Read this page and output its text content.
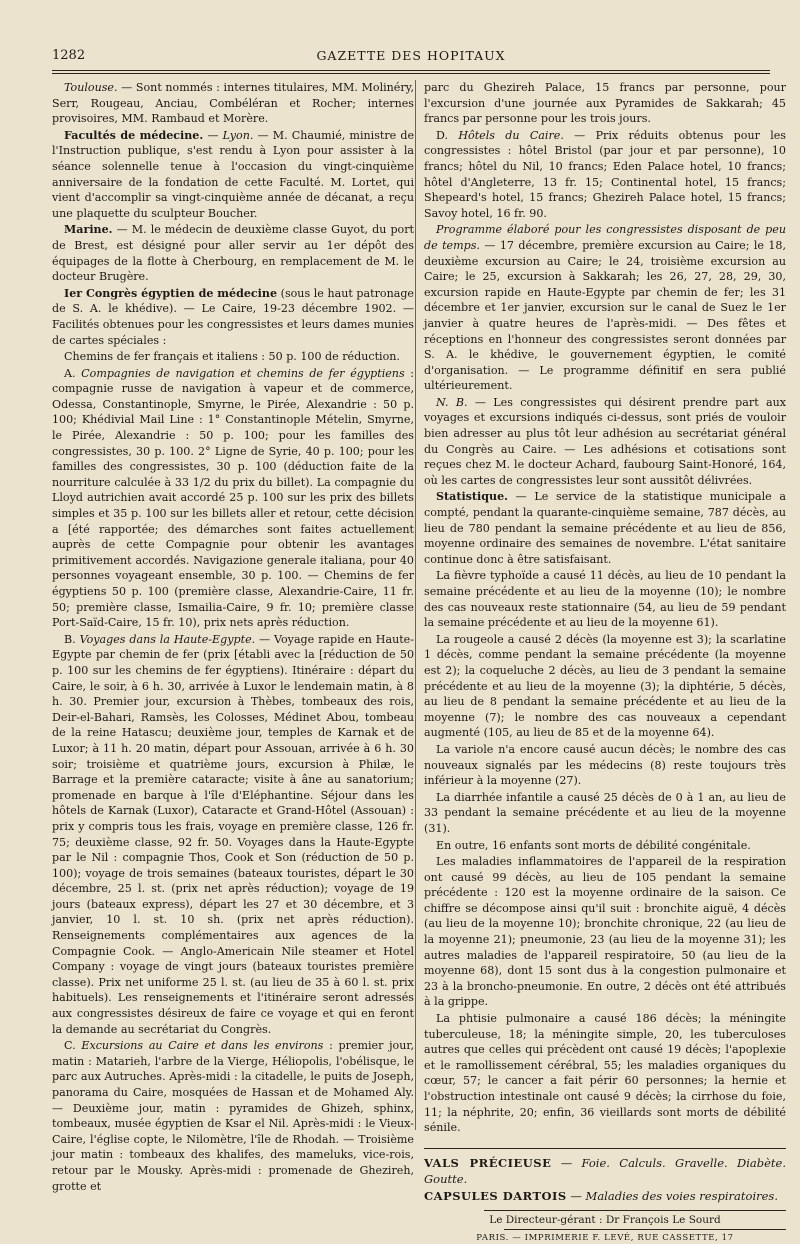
1282	GAZETTE DES HOPITAUX

Toulouse. — Sont nommés : internes titulaires, MM. Molinéry, Serr, Rougeau, Anciau, Combéléran et Rocher; internes provisoires, MM. Rambaud et Morère.

Facultés de médecine. — Lyon. — M. Chaumié, ministre de l'Instruction publique, s'est rendu à Lyon pour assister à la séance solennelle tenue à l'occasion du vingt-cinquième anniversaire de la fondation de cette Faculté. M. Lortet, qui vient d'accomplir sa vingt-cinquième année de décanat, a reçu une plaquette du sculpteur Boucher.

Marine. — M. le médecin de deuxième classe Guyot, du port de Brest, est désigné pour aller servir au 1er dépôt des équipages de la flotte à Cherbourg, en remplacement de M. le docteur Brugère.

Ier Congrès égyptien de médecine (sous le haut patronage de S. A. le khédive). — Le Caire, 19-23 décembre 1902. — Facilités obtenues pour les congressistes et leurs dames munies de cartes spéciales :

Chemins de fer français et italiens : 50 p. 100 de réduction.

A. Compagnies de navigation et chemins de fer égyptiens : compagnie russe de navigation à vapeur et de commerce, Odessa, Constantinople, Smyrne, le Pirée, Alexandrie : 50 p. 100; Khédivial Mail Line : 1° Constantinople Mételin, Smyrne, le Pirée, Alexandrie : 50 p. 100; pour les familles des congressistes, 30 p. 100. 2° Ligne de Syrie, 40 p. 100; pour les familles des congressistes, 30 p. 100 (déduction faite de la nourriture calculée à 33 1/2 du prix du billet). La compagnie du Lloyd autrichien avait accordé 25 p. 100 sur les prix des billets simples et 35 p. 100 sur les billets aller et retour, cette décision a [été rapportée; des démarches sont faites actuellement auprès de cette Compagnie pour obtenir les avantages primitivement accordés. Navigazione generale italiana, pour 40 personnes voyageant ensemble, 30 p. 100. — Chemins de fer égyptiens 50 p. 100 (première classe, Alexandrie-Caire, 11 fr. 50; première classe, Ismailia-Caire, 9 fr. 10; première classe Port-Saïd-Caire, 15 fr. 10), prix nets après réduction.

B. Voyages dans la Haute-Egypte. — Voyage rapide en Haute-Egypte par chemin de fer (prix [établi avec la [réduction de 50 p. 100 sur les chemins de fer égyptiens). Itinéraire : départ du Caire, le soir, à 6 h. 30, arrivée à Luxor le lendemain matin, à 8 h. 30. Premier jour, excursion à Thèbes, tombeaux des rois, Deir-el-Bahari, Ramsès, les Colosses, Médinet Abou, tombeau de la reine Hatascu; deuxième jour, temples de Karnak et de Luxor; à 11 h. 20 matin, départ pour Assouan, arrivée à 6 h. 30 soir; troisième et quatrième jours, excursion à Philæ, le Barrage et la première cataracte; visite à âne au sanatorium; promenade en barque à l'île d'Eléphantine. Séjour dans les hôtels de Karnak (Luxor), Cataracte et Grand-Hôtel (Assouan) : prix y compris tous les frais, voyage en première classe, 126 fr. 75; deuxième classe, 92 fr. 50. Voyages dans la Haute-Egypte par le Nil : compagnie Thos, Cook et Son (réduction de 50 p. 100); voyage de trois semaines (bateaux touristes, départ le 30 décembre, 25 l. st. (prix net après réduction); voyage de 19 jours (bateaux express), départ les 27 et 30 décembre, et 3 janvier, 10 l. st. 10 sh. (prix net après réduction). Renseignements complémentaires aux agences de la Compagnie Cook. — Anglo-Americain Nile steamer et Hotel Company : voyage de vingt jours (bateaux touristes première classe). Prix net uniforme 25 l. st. (au lieu de 35 à 60 l. st. prix habituels). Les renseignements et l'itinéraire seront adressés aux congressistes désireux de faire ce voyage et qui en feront la demande au secrétariat du Congrès.

C. Excursions au Caire et dans les environs : premier jour, matin : Matarieh, l'arbre de la Vierge, Héliopolis, l'obélisque, le parc aux Autruches. Après-midi : la citadelle, le puits de Joseph, panorama du Caire, mosquées de Hassan et de Mohamed Aly. — Deuxième jour, matin : pyramides de Ghizeh, sphinx, tombeaux, musée égyptien de Ksar el Nil. Après-midi : le Vieux-Caire, l'église copte, le Nilomètre, l'île de Rhodah. — Troisième jour matin : tombeaux des khalifes, des mameluks, vice-rois, retour par le Mousky. Après-midi : promenade de Ghezireh, grotte et

parc du Ghezireh Palace, 15 francs par personne, pour l'excursion d'une journée aux Pyramides de Sakkarah; 45 francs par personne pour les trois jours.

D. Hôtels du Caire. — Prix réduits obtenus pour les congressistes : hôtel Bristol (par jour et par personne), 10 francs; hôtel du Nil, 10 francs; Eden Palace hotel, 10 francs; hôtel d'Angleterre, 13 fr. 15; Continental hotel, 15 francs; Shepeard's hotel, 15 francs; Ghezireh Palace hotel, 15 francs; Savoy hotel, 16 fr. 90.

Programme élaboré pour les congressistes disposant de peu de temps. — 17 décembre, première excursion au Caire; le 18, deuxième excursion au Caire; le 24, troisième excursion au Caire; le 25, excursion à Sakkarah; les 26, 27, 28, 29, 30, excursion rapide en Haute-Egypte par chemin de fer; les 31 décembre et 1er janvier, excursion sur le canal de Suez le 1er janvier à quatre heures de l'après-midi. — Des fêtes et réceptions en l'honneur des congressistes seront données par S. A. le khédive, le gouvernement égyptien, le comité d'organisation. — Le programme définitif en sera publié ultérieurement.

N. B. — Les congressistes qui désirent prendre part aux voyages et excursions indiqués ci-dessus, sont priés de vouloir bien adresser au plus tôt leur adhésion au secrétariat général du Congrès au Caire. — Les adhésions et cotisations sont reçues chez M. le docteur Achard, faubourg Saint-Honoré, 164, où les cartes de congressistes leur sont aussitôt délivrées.

Statistique. — Le service de la statistique municipale a compté, pendant la quarante-cinquième semaine, 787 décès, au lieu de 780 pendant la semaine précédente et au lieu de 856, moyenne ordinaire des semaines de novembre. L'état sanitaire continue donc à être satisfaisant.

La fièvre typhoïde a causé 11 décès, au lieu de 10 pendant la semaine précédente et au lieu de la moyenne (10); le nombre des cas nouveaux reste stationnaire (54, au lieu de 59 pendant la semaine précédente et au lieu de la moyenne 61).

La rougeole a causé 2 décès (la moyenne est 3); la scarlatine 1 décès, comme pendant la semaine précédente (la moyenne est 2); la coqueluche 2 décès, au lieu de 3 pendant la semaine précédente et au lieu de la moyenne (3); la diphtérie, 5 décès, au lieu de 8 pendant la semaine précédente et au lieu de la moyenne (7); le nombre des cas nouveaux a cependant augmenté (105, au lieu de 85 et de la moyenne 64).

La variole n'a encore causé aucun décès; le nombre des cas nouveaux signalés par les médecins (8) reste toujours très inférieur à la moyenne (27).

La diarrhée infantile a causé 25 décès de 0 à 1 an, au lieu de 33 pendant la semaine précédente et au lieu de la moyenne (31).

En outre, 16 enfants sont morts de débilité congénitale.

Les maladies inflammatoires de l'appareil de la respiration ont causé 99 décès, au lieu de 105 pendant la semaine précédente : 120 est la moyenne ordinaire de la saison. Ce chiffre se décompose ainsi qu'il suit : bronchite aiguë, 4 décès (au lieu de la moyenne 10); bronchite chronique, 22 (au lieu de la moyenne 21); pneumonie, 23 (au lieu de la moyenne 31); les autres maladies de l'appareil respiratoire, 50 (au lieu de la moyenne 68), dont 15 sont dus à la congestion pulmonaire et 23 à la broncho-pneumonie. En outre, 2 décès ont été attribués à la grippe.

La phtisie pulmonaire a causé 186 décès; la méningite tuberculeuse, 18; la méningite simple, 20, les tuberculoses autres que celles qui précèdent ont causé 19 décès; l'apoplexie et le ramollissement cérébral, 55; les maladies organiques du cœur, 57; le cancer a fait périr 60 personnes; la hernie et l'obstruction intestinale ont causé 9 décès; la cirrhose du foie, 11; la néphrite, 20; enfin, 36 vieillards sont morts de débilité sénile.

VALS PRÉCIEUSE — Foie. Calculs. Gravelle. Diabète. Goutte.

CAPSULES DARTOIS — Maladies des voies respiratoires.

Le Directeur-gérant : Dr François Le Sourd
PARIS. — IMPRIMERIE F. LEVÉ, RUE CASSETTE, 17
